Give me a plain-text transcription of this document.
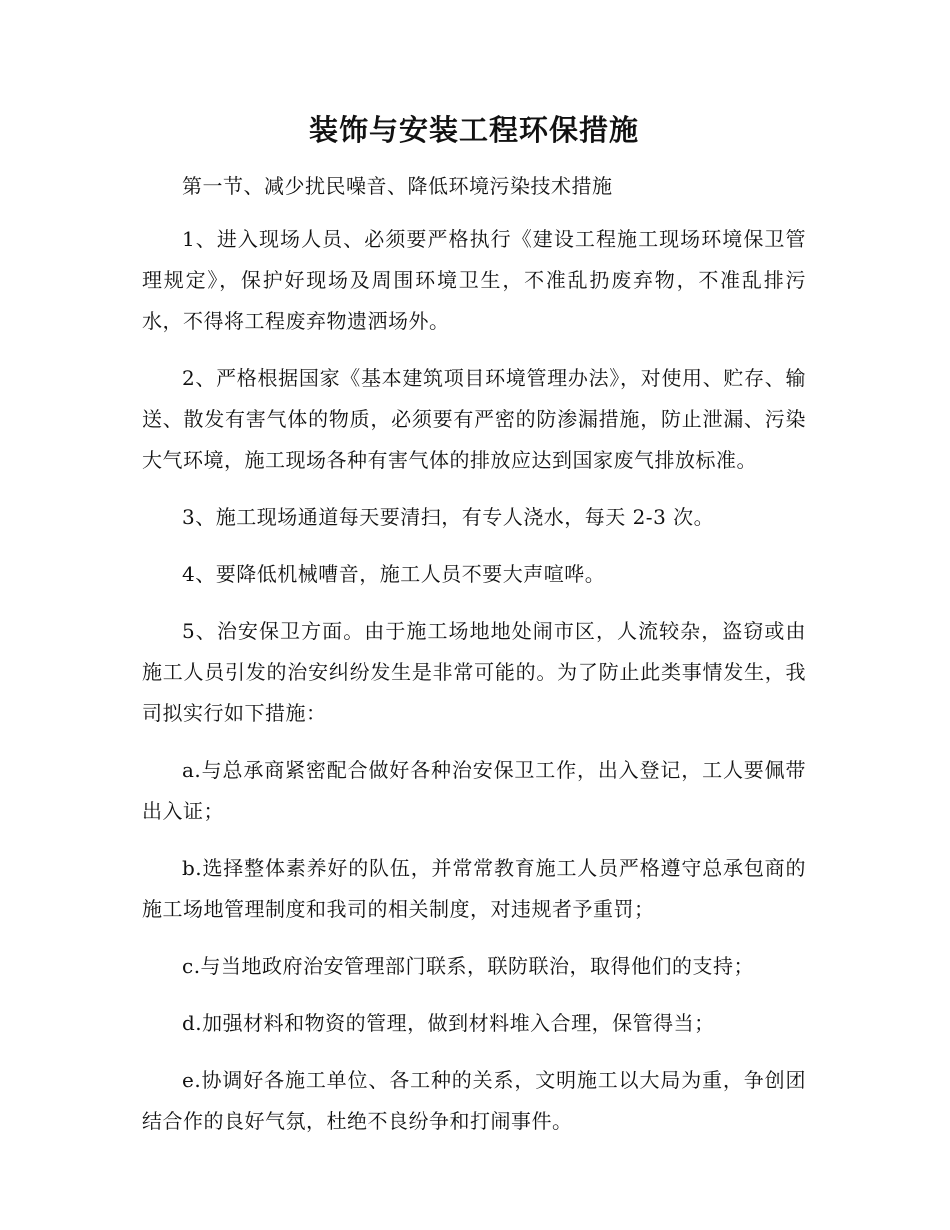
装饰与安装工程环保措施

第一节、减少扰民噪音、降低环境污染技术措施

1、进入现场人员、必须要严格执行《建设工程施工现场环境保卫管理规定》，保护好现场及周围环境卫生，不准乱扔废弃物，不准乱排污水，不得将工程废弃物遗洒场外。

2、严格根据国家《基本建筑项目环境管理办法》，对使用、贮存、输送、散发有害气体的物质，必须要有严密的防渗漏措施，防止泄漏、污染大气环境，施工现场各种有害气体的排放应达到国家废气排放标准。

3、施工现场通道每天要清扫，有专人浇水，每天 2-3 次。

4、要降低机械嘈音，施工人员不要大声喧哗。

5、治安保卫方面。由于施工场地地处闹市区，人流较杂，盗窃或由施工人员引发的治安纠纷发生是非常可能的。为了防止此类事情发生，我司拟实行如下措施：

a.与总承商紧密配合做好各种治安保卫工作，出入登记，工人要佩带出入证；

b.选择整体素养好的队伍，并常常教育施工人员严格遵守总承包商的施工场地管理制度和我司的相关制度，对违规者予重罚；

c.与当地政府治安管理部门联系，联防联治，取得他们的支持；

d.加强材料和物资的管理，做到材料堆入合理，保管得当；

e.协调好各施工单位、各工种的关系，文明施工以大局为重，争创团结合作的良好气氛，杜绝不良纷争和打闹事件。
